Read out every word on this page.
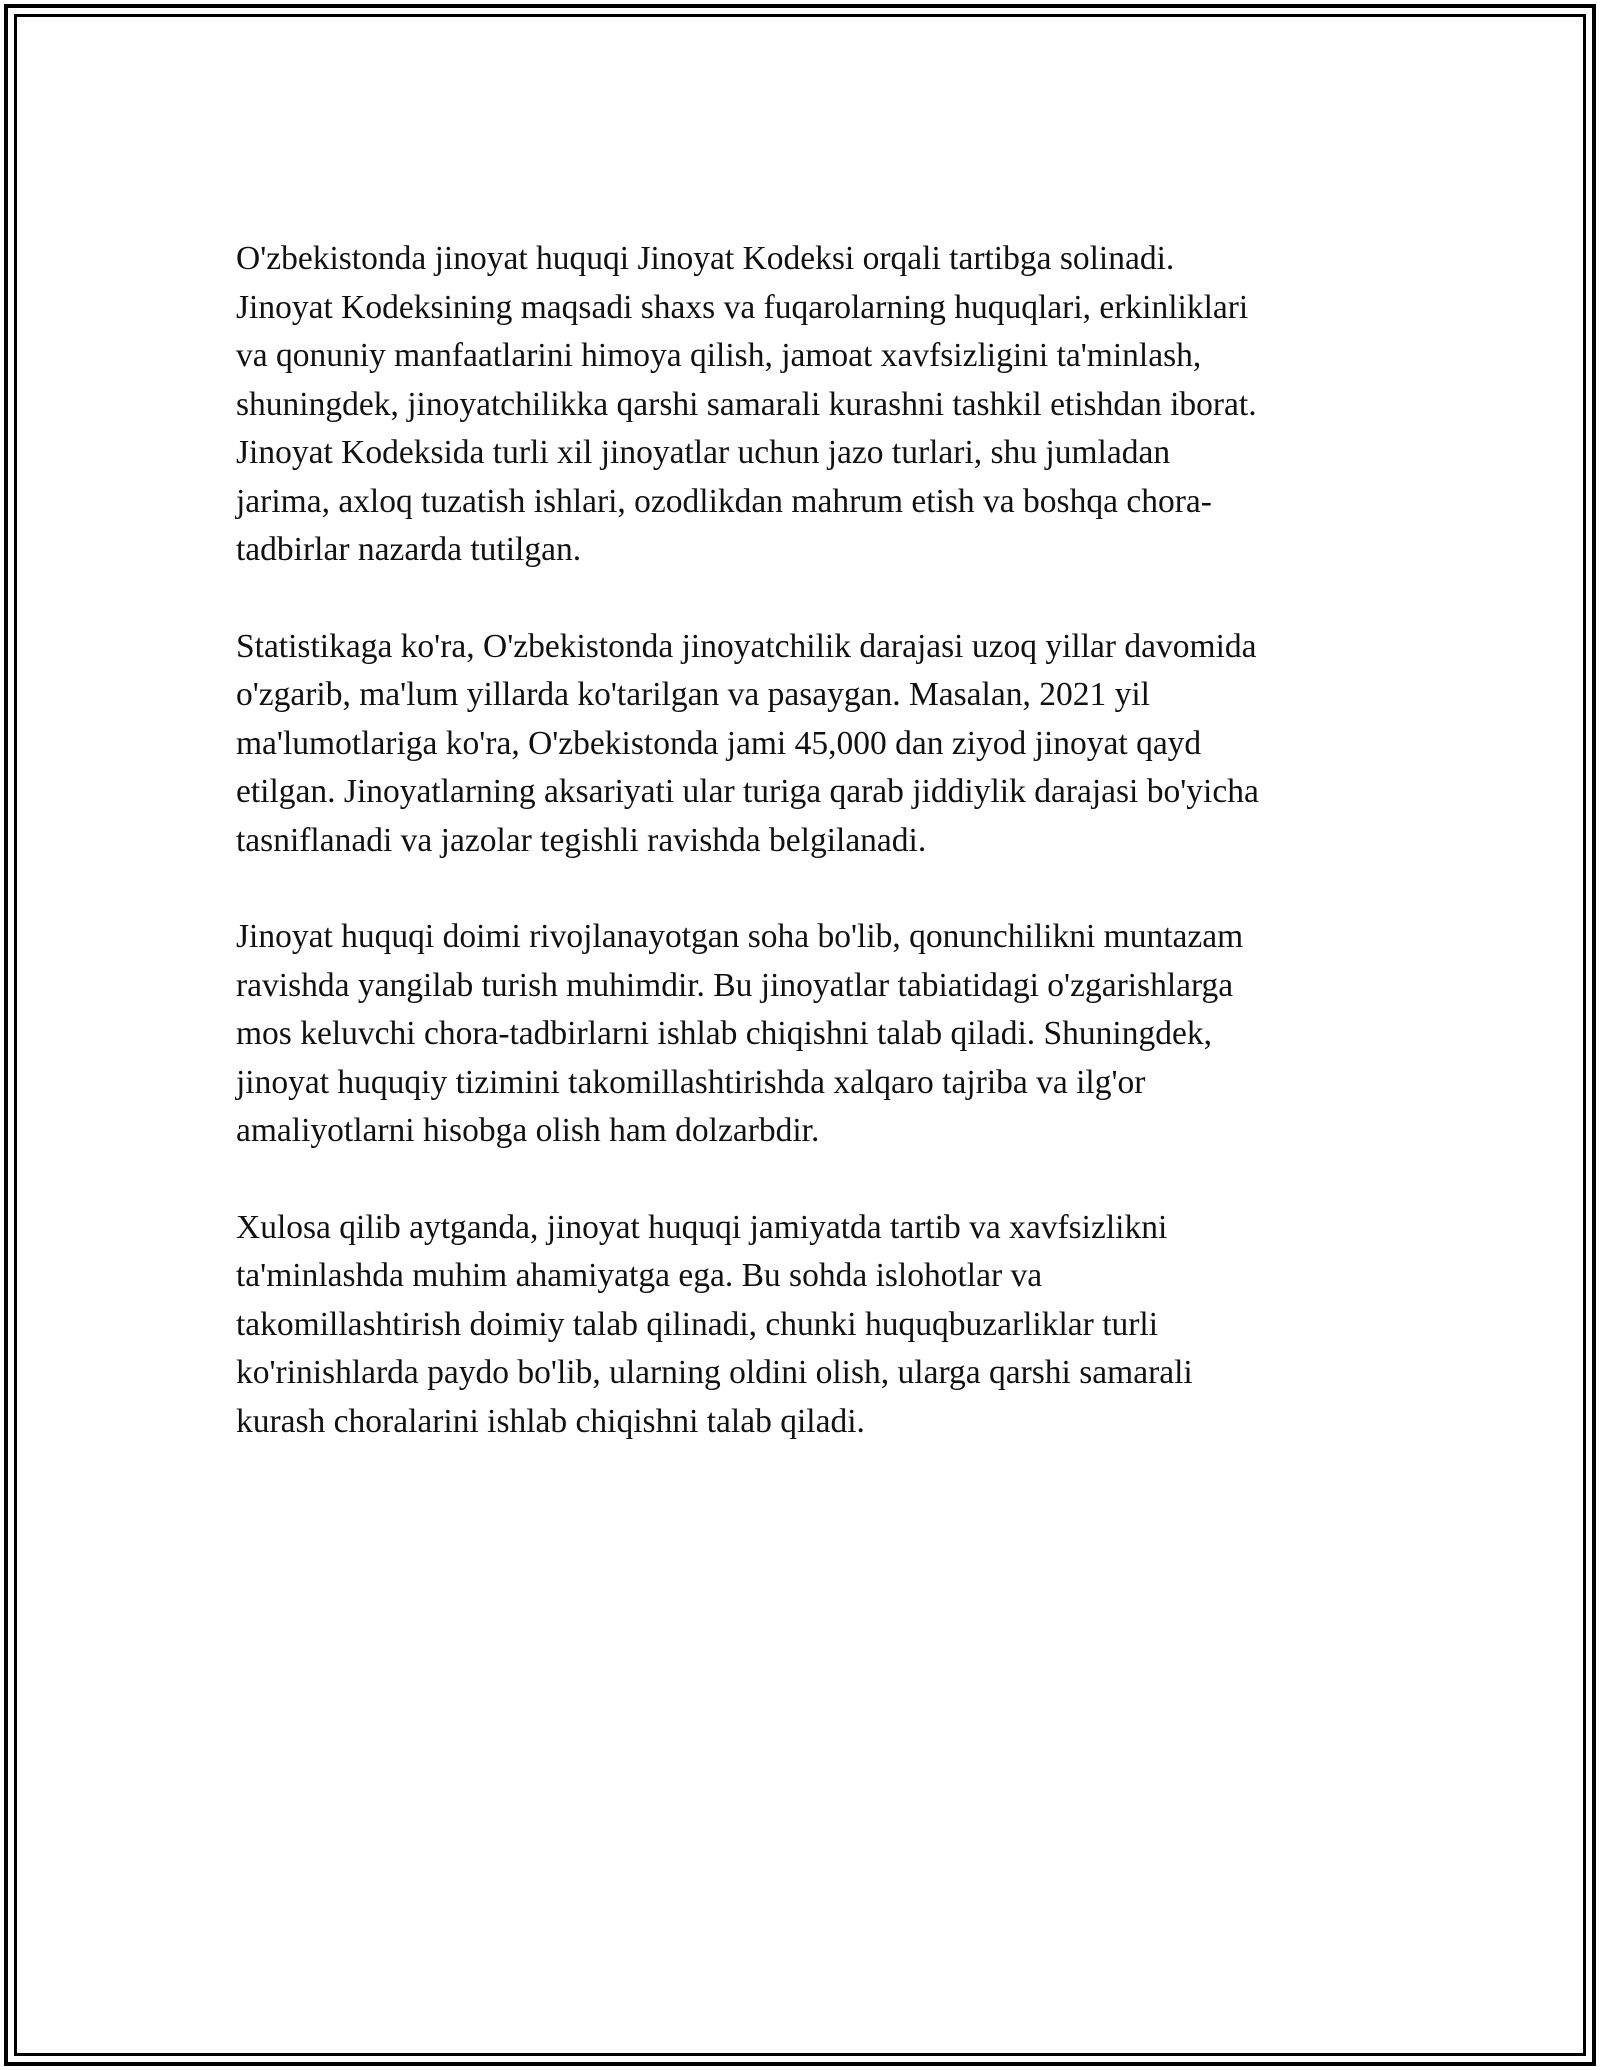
O'zbekistonda jinoyat huquqi Jinoyat Kodeksi orqali tartibga solinadi.
Jinoyat Kodeksining maqsadi shaxs va fuqarolarning huquqlari, erkinliklari
va qonuniy manfaatlarini himoya qilish, jamoat xavfsizligini ta'minlash,
shuningdek, jinoyatchilikka qarshi samarali kurashni tashkil etishdan iborat.
Jinoyat Kodeksida turli xil jinoyatlar uchun jazo turlari, shu jumladan
jarima, axloq tuzatish ishlari, ozodlikdan mahrum etish va boshqa chora-
tadbirlar nazarda tutilgan.

Statistikaga ko'ra, O'zbekistonda jinoyatchilik darajasi uzoq yillar davomida
o'zgarib, ma'lum yillarda ko'tarilgan va pasaygan. Masalan, 2021 yil
ma'lumotlariga ko'ra, O'zbekistonda jami 45,000 dan ziyod jinoyat qayd
etilgan. Jinoyatlarning aksariyati ular turiga qarab jiddiylik darajasi bo'yicha
tasniflanadi va jazolar tegishli ravishda belgilanadi.

Jinoyat huquqi doimi rivojlanayotgan soha bo'lib, qonunchilikni muntazam
ravishda yangilab turish muhimdir. Bu jinoyatlar tabiatidagi o'zgarishlarga
mos keluvchi chora-tadbirlarni ishlab chiqishni talab qiladi. Shuningdek,
jinoyat huquqiy tizimini takomillashtirishda xalqaro tajriba va ilg'or
amaliyotlarni hisobga olish ham dolzarbdir.

Xulosa qilib aytganda, jinoyat huquqi jamiyatda tartib va xavfsizlikni
ta'minlashda muhim ahamiyatga ega. Bu sohda islohotlar va
takomillashtirish doimiy talab qilinadi, chunki huquqbuzarliklar turli
ko'rinishlarda paydo bo'lib, ularning oldini olish, ularga qarshi samarali
kurash choralarini ishlab chiqishni talab qiladi.
